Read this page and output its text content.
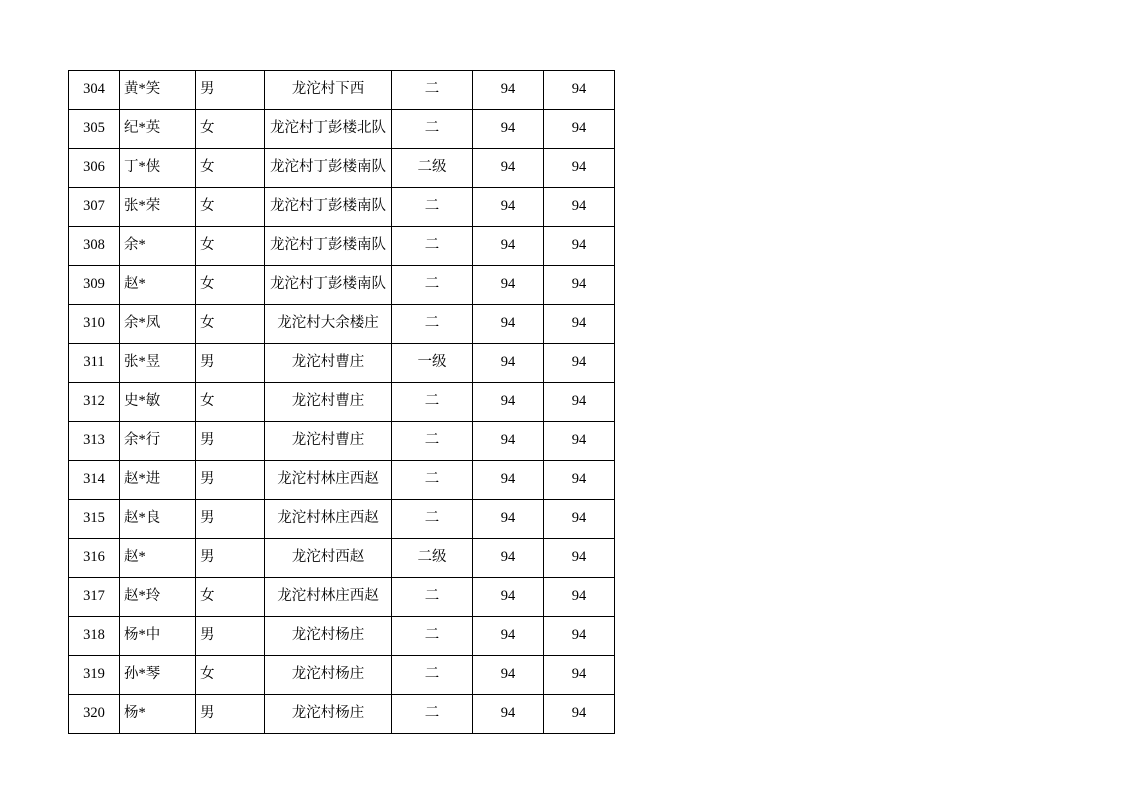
304	黄*笑	男	龙沱村下西	二	94	94
305	纪*英	女	龙沱村丁彭楼北队	二	94	94
306	丁*侠	女	龙沱村丁彭楼南队	二级	94	94
307	张*荣	女	龙沱村丁彭楼南队	二	94	94
308	余*	女	龙沱村丁彭楼南队	二	94	94
309	赵*	女	龙沱村丁彭楼南队	二	94	94
310	余*凤	女	龙沱村大余楼庄	二	94	94
311	张*昱	男	龙沱村曹庄	一级	94	94
312	史*敏	女	龙沱村曹庄	二	94	94
313	余*行	男	龙沱村曹庄	二	94	94
314	赵*进	男	龙沱村林庄西赵	二	94	94
315	赵*良	男	龙沱村林庄西赵	二	94	94
316	赵*	男	龙沱村西赵	二级	94	94
317	赵*玲	女	龙沱村林庄西赵	二	94	94
318	杨*中	男	龙沱村杨庄	二	94	94
319	孙*琴	女	龙沱村杨庄	二	94	94
320	杨*	男	龙沱村杨庄	二	94	94
